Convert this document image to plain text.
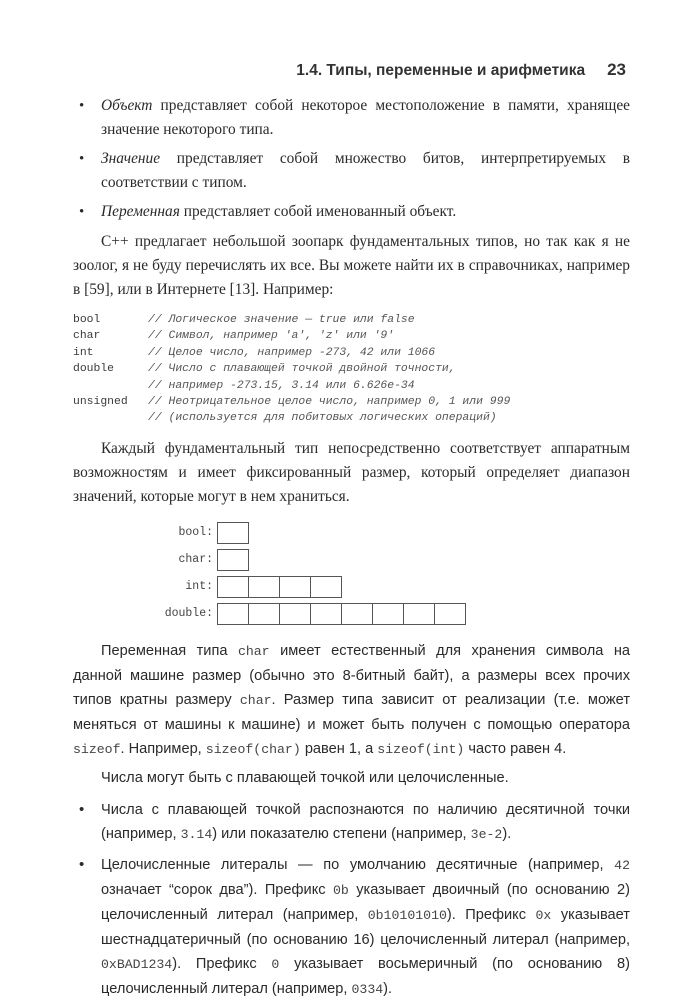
1.4. Типы, переменные и арифметика 23
• Объект представляет собой некоторое местоположение в памяти, хранящее значение некоторого типа.
• Значение представляет собой множество битов, интерпретируемых в соответствии с типом.
• Переменная представляет собой именованный объект.

C++ предлагает небольшой зоопарк фундаментальных типов, но так как я не зоолог, я не буду перечислять их все. Вы можете найти их в справочниках, например в [59], или в Интернете [13]. Например:

bool	// Логическое значение — true или false
char	// Символ, например 'a', 'z' или '9'
int	// Целое число, например -273, 42 или 1066
double	// Число с плавающей точкой двойной точности,
// например -273.15, 3.14 или 6.626e-34
unsigned	// Неотрицательное целое число, например 0, 1 или 999
// (используется для побитовых логических операций)

Каждый фундаментальный тип непосредственно соответствует аппаратным возможностям и имеет фиксированный размер, который определяет диапазон значений, которые могут в нем храниться.

bool:
char:
int:
double:

Переменная типа char имеет естественный для хранения символа на данной машине размер (обычно это 8-битный байт), а размеры всех прочих типов кратны размеру char. Размер типа зависит от реализации (т.е. может меняться от машины к машине) и может быть получен с помощью оператора sizeof. Например, sizeof(char) равен 1, а sizeof(int) часто равен 4.

Числа могут быть с плавающей точкой или целочисленные.

• Числа с плавающей точкой распознаются по наличию десятичной точки (например, 3.14) или показателю степени (например, 3e-2).
• Целочисленные литералы — по умолчанию десятичные (например, 42 означает “сорок два”). Префикс 0b указывает двоичный (по основанию 2) целочисленный литерал (например, 0b10101010). Префикс 0x указывает шестнадцатеричный (по основанию 16) целочисленный литерал (например, 0xBAD1234). Префикс 0 указывает восьмеричный (по основанию 8) целочисленный литерал (например, 0334).
